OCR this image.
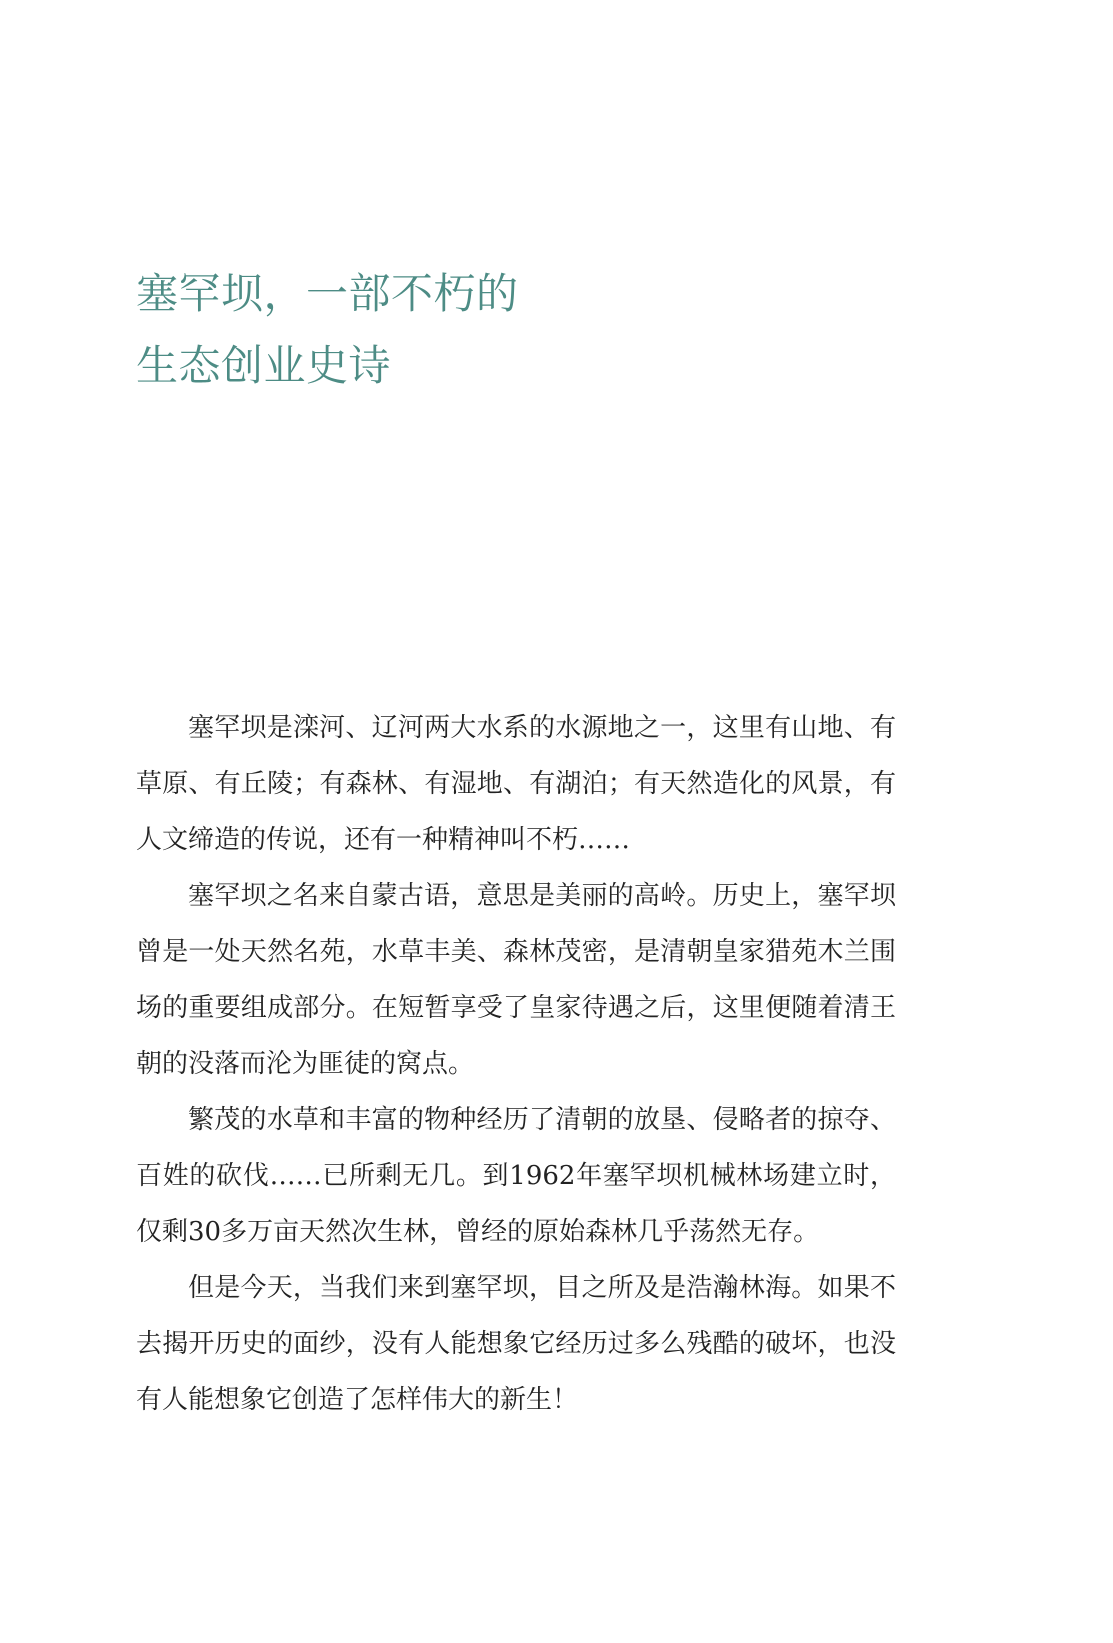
塞罕坝，一部不朽的
生态创业史诗

塞罕坝是滦河、辽河两大水系的水源地之一，这里有山地、有草原、有丘陵；有森林、有湿地、有湖泊；有天然造化的风景，有人文缔造的传说，还有一种精神叫不朽……

塞罕坝之名来自蒙古语，意思是美丽的高岭。历史上，塞罕坝曾是一处天然名苑，水草丰美、森林茂密，是清朝皇家猎苑木兰围场的重要组成部分。在短暂享受了皇家待遇之后，这里便随着清王朝的没落而沦为匪徒的窝点。

繁茂的水草和丰富的物种经历了清朝的放垦、侵略者的掠夺、百姓的砍伐……已所剩无几。到1962年塞罕坝机械林场建立时，仅剩30多万亩天然次生林，曾经的原始森林几乎荡然无存。

但是今天，当我们来到塞罕坝，目之所及是浩瀚林海。如果不去揭开历史的面纱，没有人能想象它经历过多么残酷的破坏，也没有人能想象它创造了怎样伟大的新生！
